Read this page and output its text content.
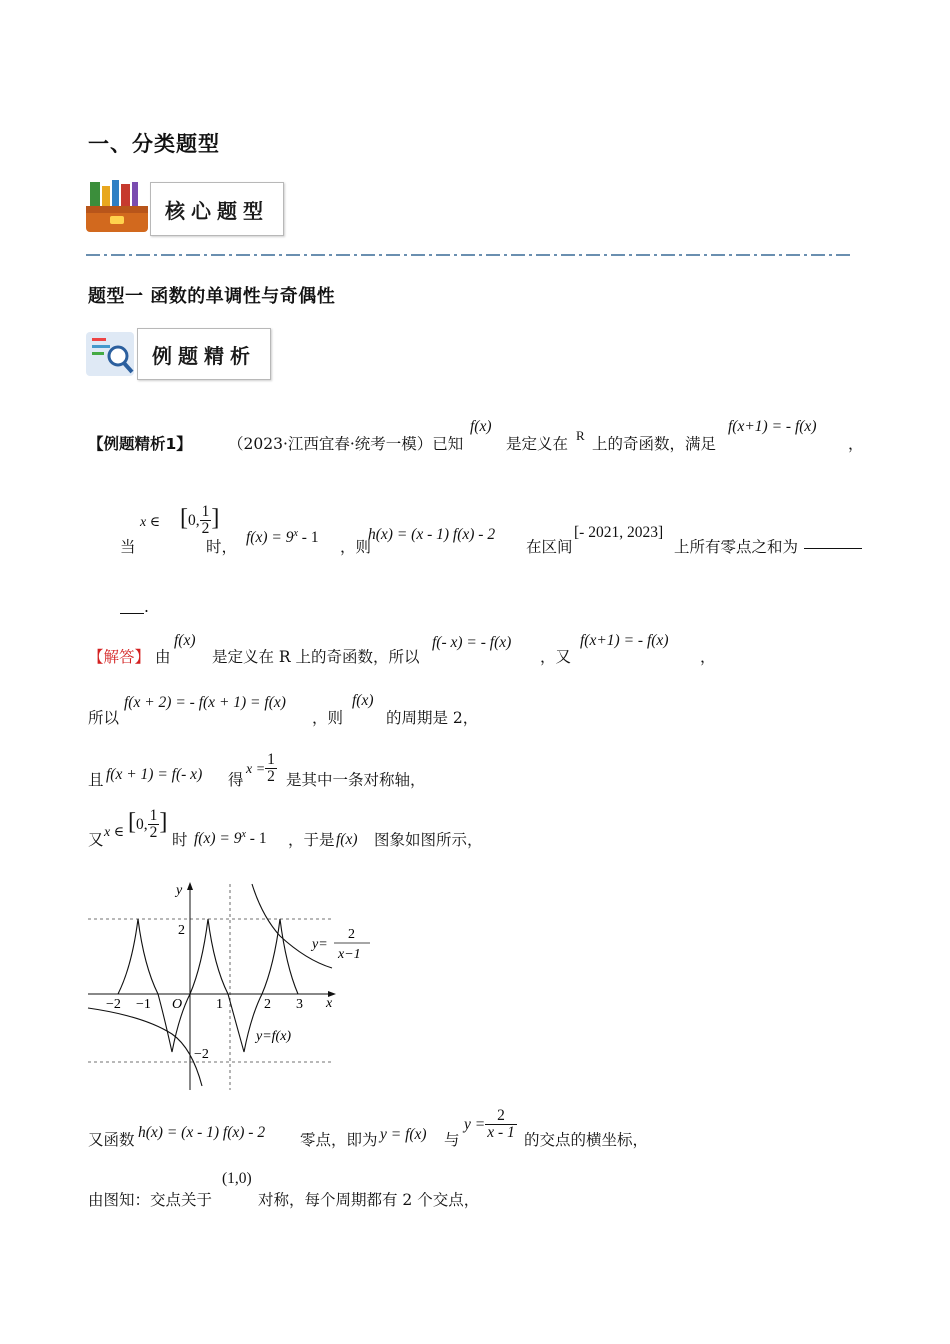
一、分类题型
核心题型
题型一 函数的单调性与奇偶性
例题精析
【例题精析1】 （2023·江西宜春·统考一模）已知
f(x)
是定义在 R 上的奇函数，满足
f(x+1) = - f(x)
，
当
x ∈ [0, $\frac{1}{2}$ ]
时，
$f(x) = 9^x - 1$
，则
h(x) = (x - 1) f(x) - 2
在区间
[- 2021, 2023]
上所有零点之和为
.
【解答】 由
f(x)
是定义在 R 上的奇函数，所以
f(- x) = - f(x)
，又
f(x+1) = - f(x)
，
所以
f(x + 2) = - f(x + 1) = f(x)
，则
f(x)
的周期是 2，
且 f(x + 1) = f(- x) 得
$x = \frac{1}{2}$ 是其中一条对称轴，
又 x ∈ [0, $\frac{1}{2}$ ]
时 $f(x) = 9^x - 1$ ，于是 f(x) 图象如图所示，
y
x
O
−2 −1	1	2 3
2
−2
y=
2
x−1
y=f(x)
又函数 h(x) = (x - 1) f(x) - 2 零点，即为 y = f(x) 与
$y = \frac{2}{x - 1}$ 的交点的横坐标，
由图知：交点关于
(1,0)
对称，每个周期都有 2 个交点，
